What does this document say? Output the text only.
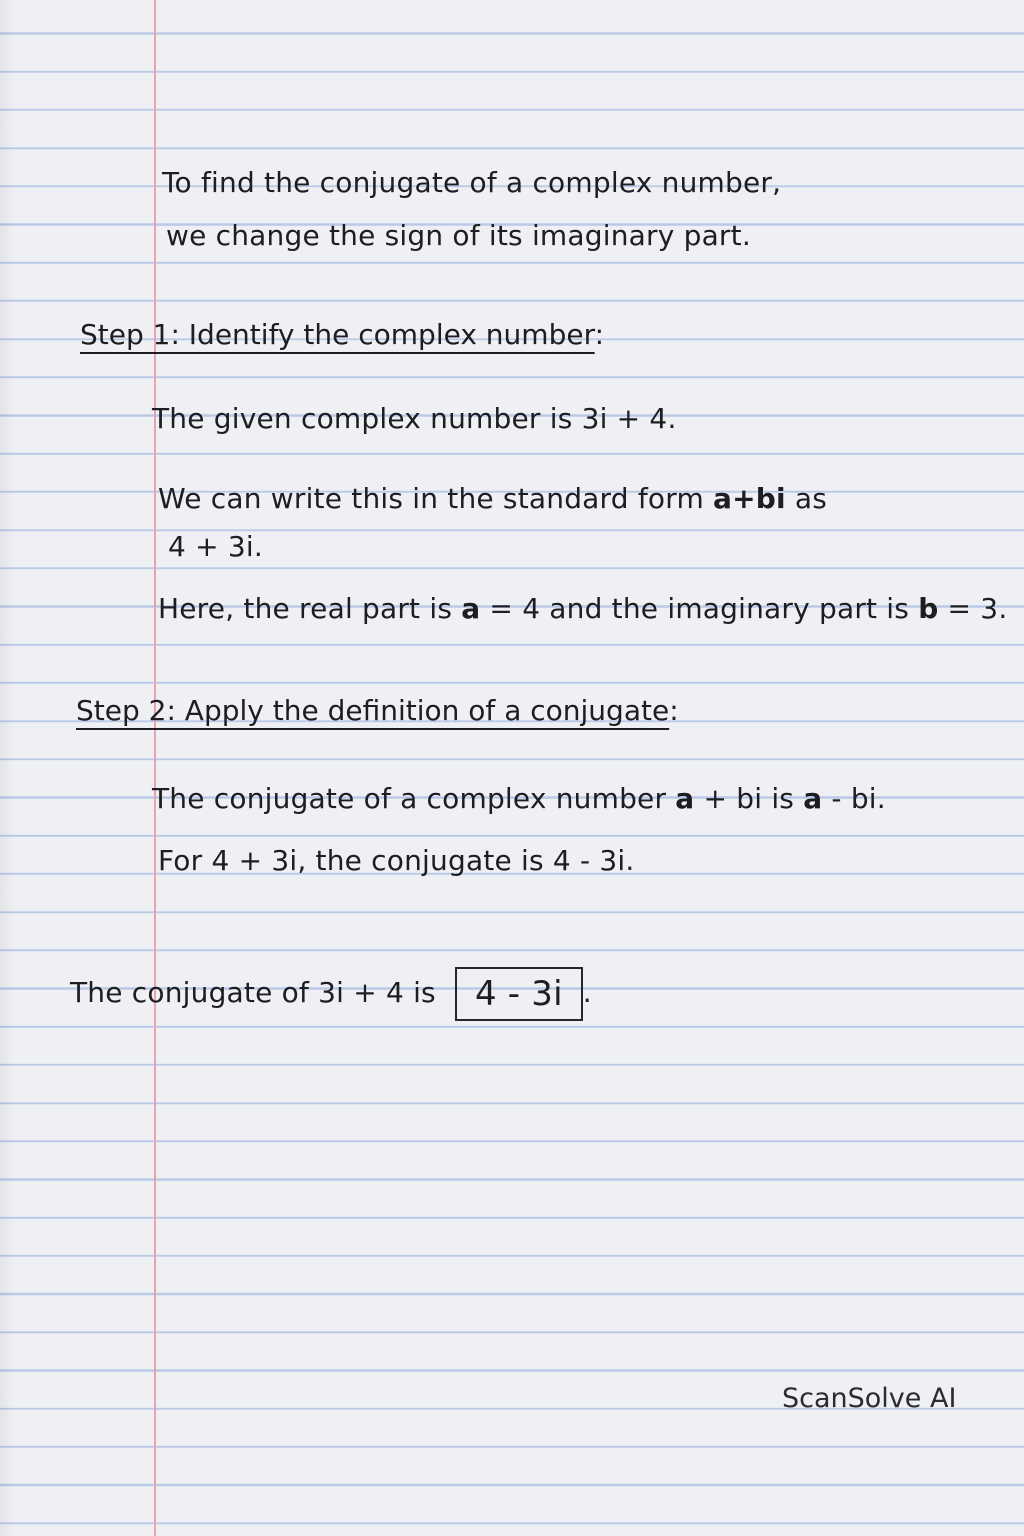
To find the conjugate of a complex number,
we change the sign of its imaginary part.
Step 1: Identify the complex number:
The given complex number is 3i + 4.
We can write this in the standard form a+bi as
4 + 3i.
Here, the real part is a = 4 and the imaginary part is b = 3.
Step 2: Apply the definition of a conjugate:
The conjugate of a complex number a + bi is a - bi.
For 4 + 3i, the conjugate is 4 - 3i.
The conjugate of 3i + 4 is 4 - 3i .
ScanSolve AI
